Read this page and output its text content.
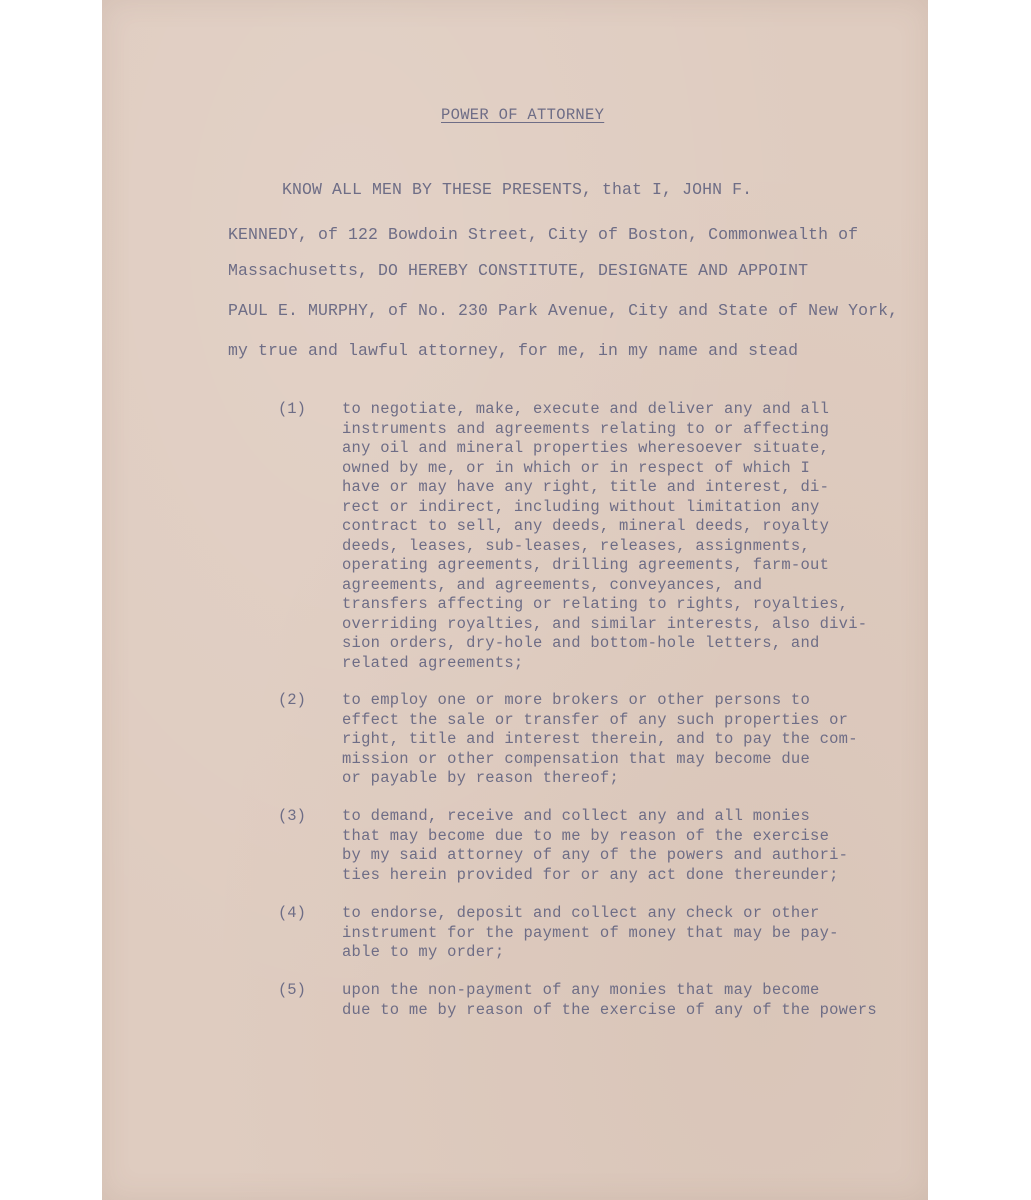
POWER OF ATTORNEY
KNOW ALL MEN BY THESE PRESENTS, that I, JOHN F.
KENNEDY, of 122 Bowdoin Street, City of Boston, Commonwealth of
Massachusetts, DO HEREBY CONSTITUTE, DESIGNATE AND APPOINT
PAUL E. MURPHY, of No. 230 Park Avenue, City and State of New York,
my true and lawful attorney, for me, in my name and stead
(1) to negotiate, make, execute and deliver any and all
instruments and agreements relating to or affecting
any oil and mineral properties wheresoever situate,
owned by me, or in which or in respect of which I
have or may have any right, title and interest, di-
rect or indirect, including without limitation any
contract to sell, any deeds, mineral deeds, royalty
deeds, leases, sub-leases, releases, assignments,
operating agreements, drilling agreements, farm-out
agreements, and agreements, conveyances, and
transfers affecting or relating to rights, royalties,
overriding royalties, and similar interests, also divi-
sion orders, dry-hole and bottom-hole letters, and
related agreements;
(2) to employ one or more brokers or other persons to
effect the sale or transfer of any such properties or
right, title and interest therein, and to pay the com-
mission or other compensation that may become due
or payable by reason thereof;
(3) to demand, receive and collect any and all monies
that may become due to me by reason of the exercise
by my said attorney of any of the powers and authori-
ties herein provided for or any act done thereunder;
(4) to endorse, deposit and collect any check or other
instrument for the payment of money that may be pay-
able to my order;
(5) upon the non-payment of any monies that may become
due to me by reason of the exercise of any of the powers
